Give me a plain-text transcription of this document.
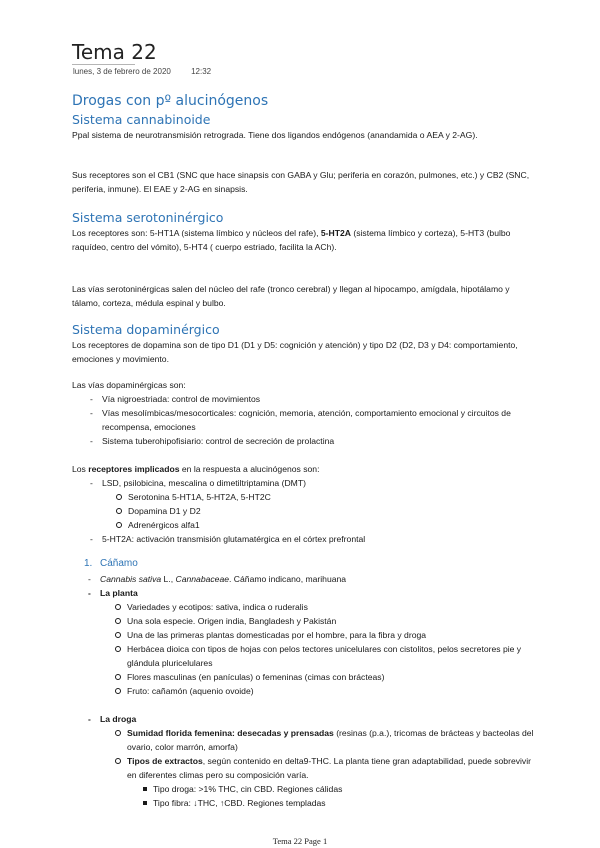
Tema 22
lunes, 3 de febrero de 2020	12:32
Drogas con pº alucinógenos
Sistema cannabinoide
Ppal sistema de neurotransmisión retrograda. Tiene dos ligandos endógenos (anandamida o AEA y 2-AG).
Sus receptores son el CB1 (SNC que hace sinapsis con GABA y Glu; periferia en corazón, pulmones, etc.) y CB2 (SNC, periferia, inmune). El EAE y 2-AG en sinapsis.
Sistema serotoninérgico
Los receptores son: 5-HT1A (sistema límbico y núcleos del rafe), 5-HT2A (sistema límbico y corteza), 5-HT3 (bulbo raquídeo, centro del vómito), 5-HT4 ( cuerpo estriado, facilita la ACh).
Las vías serotoninérgicas salen del núcleo del rafe (tronco cerebral) y llegan al hipocampo, amígdala, hipotálamo y tálamo, corteza, médula espinal y bulbo.
Sistema dopaminérgico
Los receptores de dopamina son de tipo D1 (D1 y D5: cognición y atención) y tipo D2 (D2, D3 y D4: comportamiento, emociones y movimiento.
Las vías dopaminérgicas son:
- Vía nigroestriada: control de movimientos
- Vías mesolímbicas/mesocorticales: cognición, memoria, atención, comportamiento emocional y circuitos de recompensa, emociones
- Sistema tuberohipofisiario: control de secreción de prolactina
Los receptores implicados en la respuesta a alucinógenos son:
- LSD, psilobicina, mescalina o dimetiltriptamina (DMT)
Serotonina 5-HT1A, 5-HT2A, 5-HT2C
Dopamina D1 y D2
Adrenérgicos alfa1
- 5-HT2A: activación transmisión glutamatérgica en el córtex prefrontal
1. Cáñamo
- Cannabis sativa L., Cannabaceae. Cáñamo indicano, marihuana
- La planta
Variedades y ecotipos: sativa, indica o ruderalis
Una sola especie. Origen india, Bangladesh y Pakistán
Una de las primeras plantas domesticadas por el hombre, para la fibra y droga
Herbácea dioica con tipos de hojas con pelos tectores unicelulares con cistolitos, pelos secretores pie y glándula pluricelulares
Flores masculinas (en panículas) o femeninas (cimas con brácteas)
Fruto: cañamón (aquenio ovoide)
- La droga
Sumidad florida femenina: desecadas y prensadas (resinas (p.a.), tricomas de brácteas y bacteolas del ovario, color marrón, amorfa)
Tipos de extractos, según contenido en delta9-THC. La planta tiene gran adaptabilidad, puede sobrevivir en diferentes climas pero su composición varía.
Tipo droga: >1% THC, cin CBD. Regiones cálidas
Tipo fibra: ↓THC, ↑CBD. Regiones templadas
Tema 22 Page 1
